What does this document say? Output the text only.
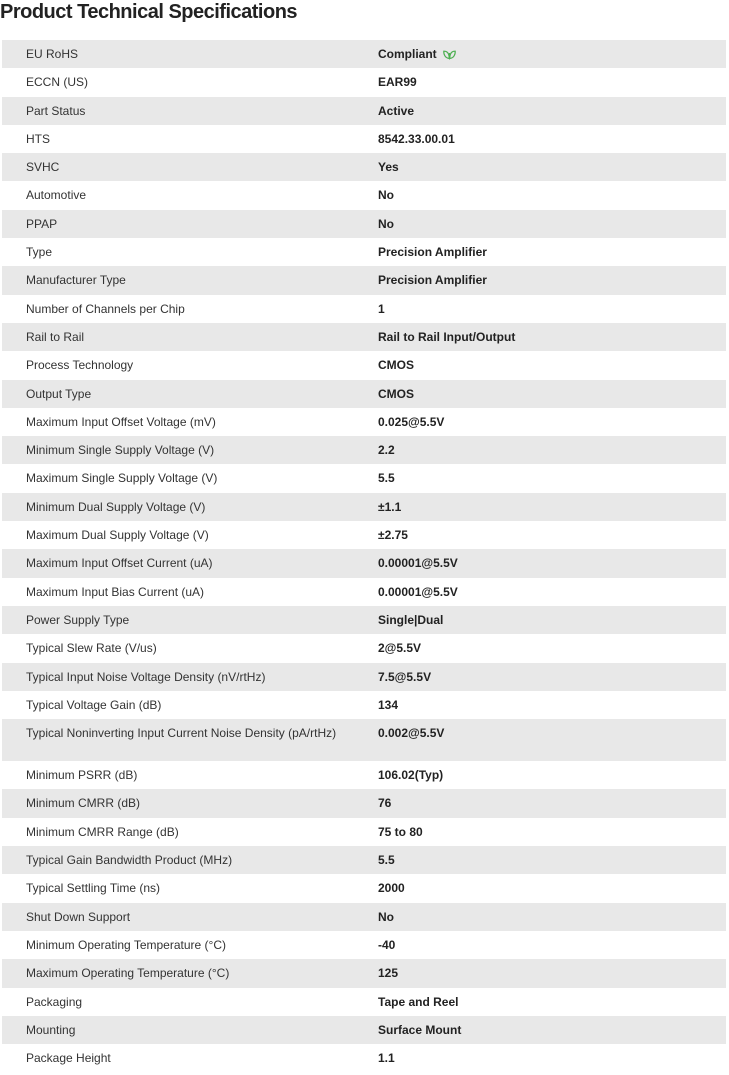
Product Technical Specifications
EU RoHS	Compliant
ECCN (US)	EAR99
Part Status	Active
HTS	8542.33.00.01
SVHC	Yes
Automotive	No
PPAP	No
Type	Precision Amplifier
Manufacturer Type	Precision Amplifier
Number of Channels per Chip	1
Rail to Rail	Rail to Rail Input/Output
Process Technology	CMOS
Output Type	CMOS
Maximum Input Offset Voltage (mV)	0.025@5.5V
Minimum Single Supply Voltage (V)	2.2
Maximum Single Supply Voltage (V)	5.5
Minimum Dual Supply Voltage (V)	±1.1
Maximum Dual Supply Voltage (V)	±2.75
Maximum Input Offset Current (uA)	0.00001@5.5V
Maximum Input Bias Current (uA)	0.00001@5.5V
Power Supply Type	Single|Dual
Typical Slew Rate (V/us)	2@5.5V
Typical Input Noise Voltage Density (nV/rtHz)	7.5@5.5V
Typical Voltage Gain (dB)	134
Typical Noninverting Input Current Noise Density (pA/rtHz)	0.002@5.5V
Minimum PSRR (dB)	106.02(Typ)
Minimum CMRR (dB)	76
Minimum CMRR Range (dB)	75 to 80
Typical Gain Bandwidth Product (MHz)	5.5
Typical Settling Time (ns)	2000
Shut Down Support	No
Minimum Operating Temperature (°C)	-40
Maximum Operating Temperature (°C)	125
Packaging	Tape and Reel
Mounting	Surface Mount
Package Height	1.1
